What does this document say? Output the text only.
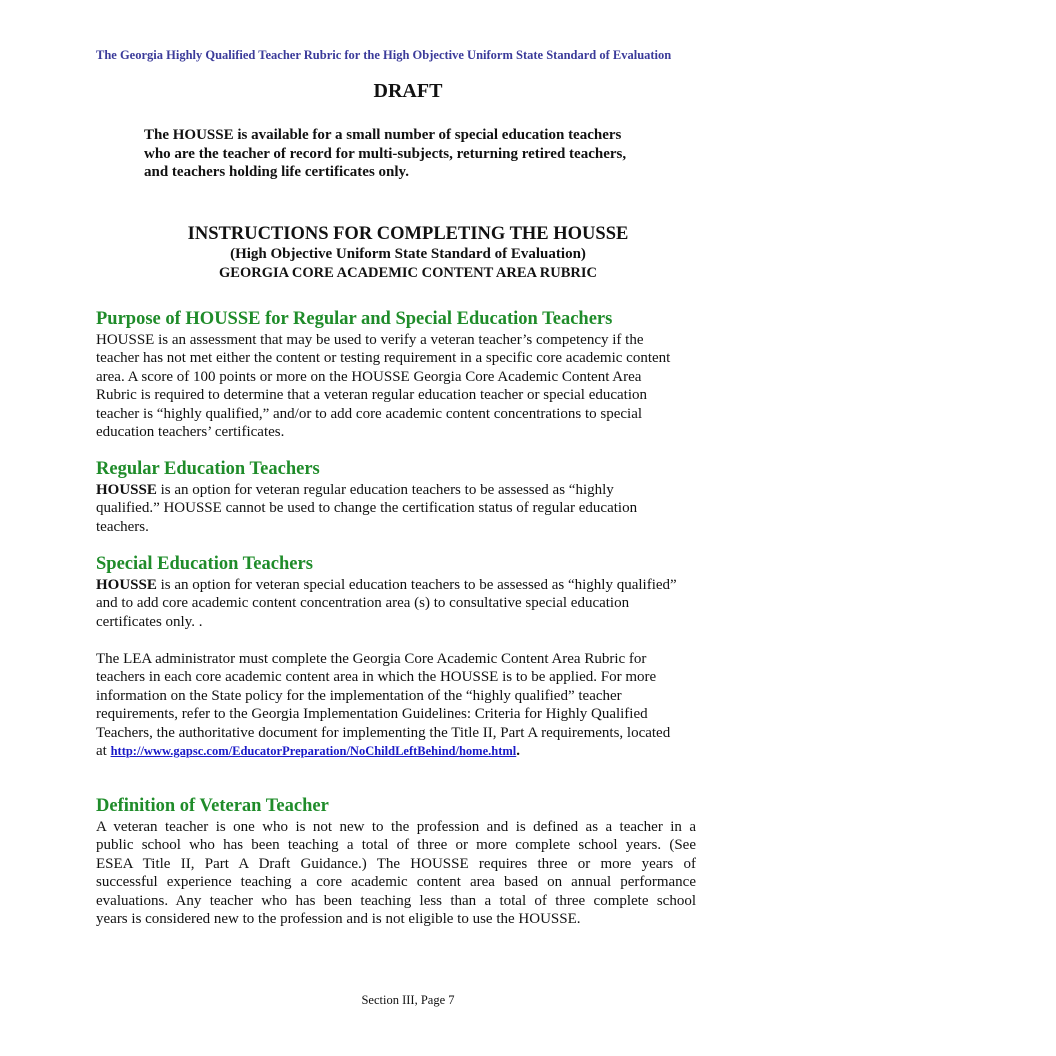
The Georgia Highly Qualified Teacher Rubric for the High Objective Uniform State Standard of Evaluation
DRAFT
The HOUSSE is available for a small number of special education teachers
who are the teacher of record for multi-subjects, returning retired teachers,
and teachers holding life certificates only.
INSTRUCTIONS FOR COMPLETING THE HOUSSE
(High Objective Uniform State Standard of Evaluation)
GEORGIA CORE ACADEMIC CONTENT AREA RUBRIC
Purpose of HOUSSE for Regular and Special Education Teachers
HOUSSE is an assessment that may be used to verify a veteran teacher’s competency if the
teacher has not met either the content or testing requirement in a specific core academic content
area. A score of 100 points or more on the HOUSSE Georgia Core Academic Content Area
Rubric is required to determine that a veteran regular education teacher or special education
teacher is “highly qualified,” and/or to add core academic content concentrations to special
education teachers’ certificates.
Regular Education Teachers
HOUSSE is an option for veteran regular education teachers to be assessed as “highly
qualified.” HOUSSE cannot be used to change the certification status of regular education
teachers.
Special Education Teachers
HOUSSE is an option for veteran special education teachers to be assessed as “highly qualified”
and to add core academic content concentration area (s) to consultative special education
certificates only. .
The LEA administrator must complete the Georgia Core Academic Content Area Rubric for
teachers in each core academic content area in which the HOUSSE is to be applied. For more
information on the State policy for the implementation of the “highly qualified” teacher
requirements, refer to the Georgia Implementation Guidelines: Criteria for Highly Qualified
Teachers, the authoritative document for implementing the Title II, Part A requirements, located
at http://www.gapsc.com/EducatorPreparation/NoChildLeftBehind/home.html.
Definition of Veteran Teacher
A veteran teacher is one who is not new to the profession and is defined as a teacher in a
public school who has been teaching a total of three or more complete school years. (See
ESEA Title II, Part A Draft Guidance.) The HOUSSE requires three or more years of
successful experience teaching a core academic content area based on annual performance
evaluations. Any teacher who has been teaching less than a total of three complete school
years is considered new to the profession and is not eligible to use the HOUSSE.
Section III, Page 7
